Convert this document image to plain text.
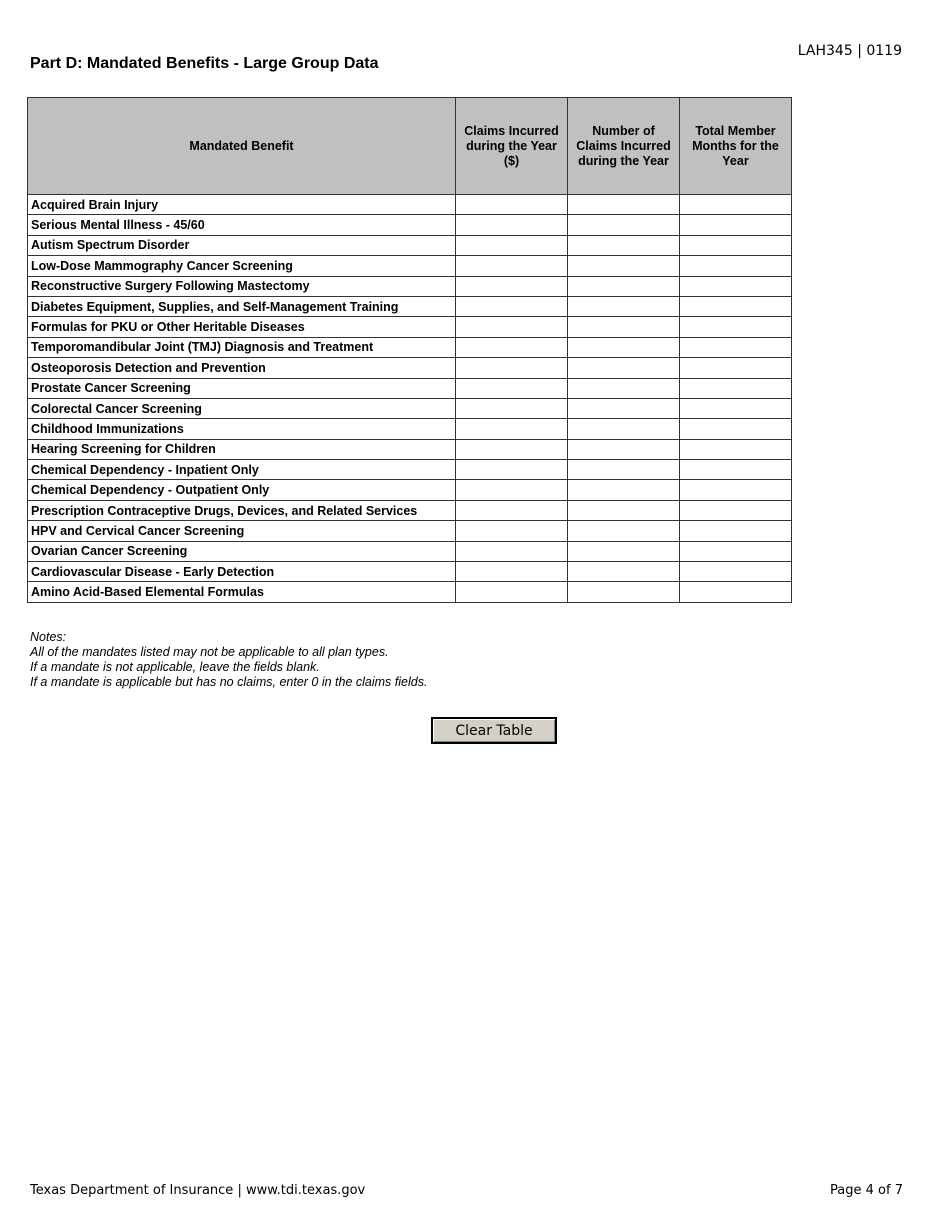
LAH345 | 0119
Part D: Mandated Benefits - Large Group Data
Mandated Benefit	Claims Incurred during the Year ($)	Number of Claims Incurred during the Year	Total Member Months for the Year
Acquired Brain Injury	

Serious Mental Illness - 45/60	

Autism Spectrum Disorder	

Low-Dose Mammography Cancer Screening	

Reconstructive Surgery Following Mastectomy	

Diabetes Equipment, Supplies, and Self-Management Training	

Formulas for PKU or Other Heritable Diseases	

Temporomandibular Joint (TMJ) Diagnosis and Treatment	

Osteoporosis Detection and Prevention	

Prostate Cancer Screening	

Colorectal Cancer Screening	

Childhood Immunizations	

Hearing Screening for Children	

Chemical Dependency - Inpatient Only	

Chemical Dependency - Outpatient Only	

Prescription Contraceptive Drugs, Devices, and Related Services	

HPV and Cervical Cancer Screening	

Ovarian Cancer Screening	

Cardiovascular Disease - Early Detection	

Amino Acid-Based Elemental Formulas	

Notes:
All of the mandates listed may not be applicable to all plan types.
If a mandate is not applicable, leave the fields blank.
If a mandate is applicable but has no claims, enter 0 in the claims fields.
Clear Table
Texas Department of Insurance | www.tdi.texas.gov	Page 4 of 7
